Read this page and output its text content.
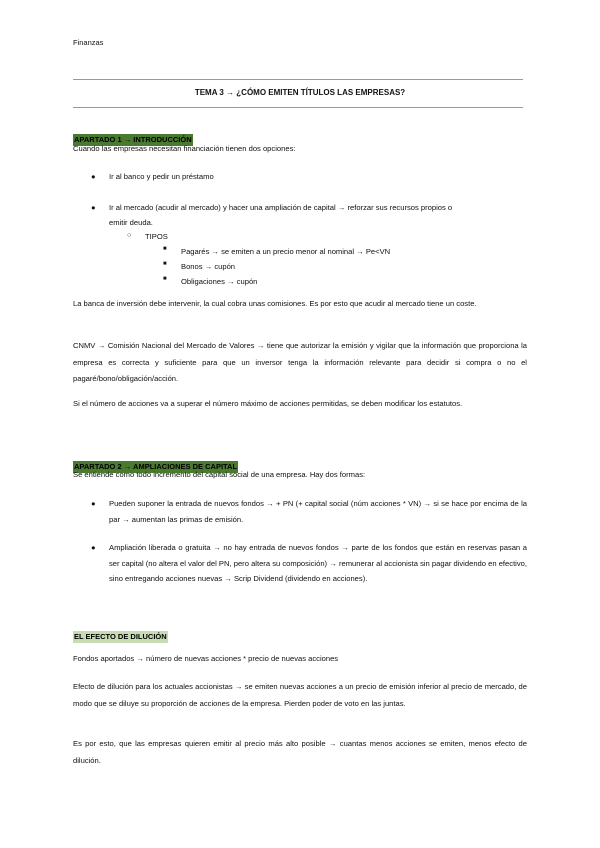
Finanzas
TEMA 3 → ¿CÓMO EMITEN TÍTULOS LAS EMPRESAS?
APARTADO 1 → INTRODUCCIÓN
Cuando las empresas necesitan financiación tienen dos opciones:
● Ir al banco y pedir un préstamo
● Ir al mercado (acudir al mercado) y hacer una ampliación de capital → reforzar sus recursos propios o
emitir deuda.
○ TIPOS
■ Pagarés → se emiten a un precio menor al nominal → Pe<VN
■ Bonos → cupón
■ Obligaciones → cupón
La banca de inversión debe intervenir, la cual cobra unas comisiones. Es por esto que acudir al mercado tiene un coste.
CNMV → Comisión Nacional del Mercado de Valores → tiene que autorizar la emisión y vigilar que la información que proporciona la empresa es correcta y suficiente para que un inversor tenga la información relevante para decidir si compra o no el pagaré/bono/obligación/acción.
Si el número de acciones va a superar el número máximo de acciones permitidas, se deben modificar los estatutos.
APARTADO 2 → AMPLIACIONES DE CAPITAL
Se entiende como todo incremento del capital social de una empresa. Hay dos formas:
● Pueden suponer la entrada de nuevos fondos → + PN (+ capital social (núm acciones * VN) → si se hace por encima de la par → aumentan las primas de emisión.
● Ampliación liberada o gratuita → no hay entrada de nuevos fondos → parte de los fondos que están en reservas pasan a ser capital (no altera el valor del PN, pero altera su composición) → remunerar al accionista sin pagar dividendo en efectivo, sino entregando acciones nuevas → Scrip Dividend (dividendo en acciones).
EL EFECTO DE DILUCIÓN
Fondos aportados → número de nuevas acciones * precio de nuevas acciones
Efecto de dilución para los actuales accionistas → se emiten nuevas acciones a un precio de emisión inferior al precio de mercado, de modo que se diluye su proporción de acciones de la empresa. Pierden poder de voto en las juntas.
Es por esto, que las empresas quieren emitir al precio más alto posible → cuantas menos acciones se emiten, menos efecto de dilución.
